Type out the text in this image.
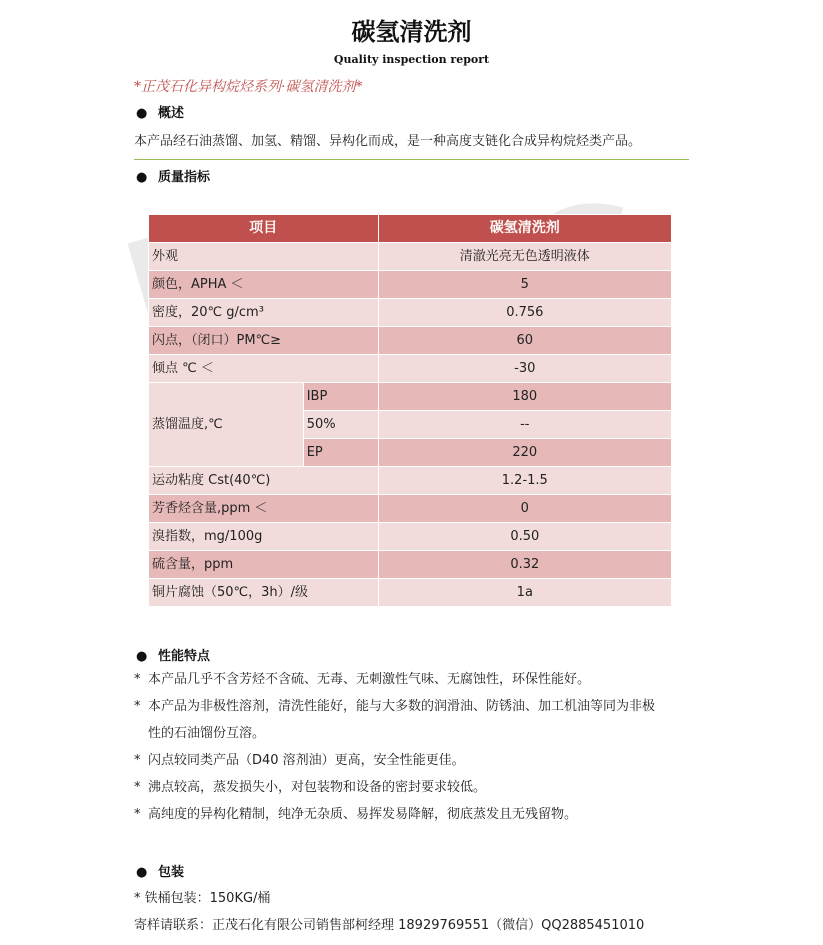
碳氢清洗剂
Quality inspection report
*正茂石化异构烷烃系列·碳氢清洗剂*
● 概述
本产品经石油蒸馏、加氢、精馏、异构化而成，是一种高度支链化合成异构烷烃类产品。
● 质量指标
项目		碳氢清洗剂
外观		清澈光亮无色透明液体
颜色，APHA ＜		5
密度，20℃ g/cm³		0.756
闪点，（闭口）PM℃≥		60
倾点 ℃ ＜		-30
蒸馏温度,℃	IBP	180
	50%	--
	EP	220
运动粘度 Cst(40℃)		1.2-1.5
芳香烃含量,ppm ＜		0
溴指数，mg/100g		0.50
硫含量，ppm		0.32
铜片腐蚀（50℃，3h）/级		1a
● 性能特点
* 本产品几乎不含芳烃不含硫、无毒、无刺激性气味、无腐蚀性，环保性能好。
* 本产品为非极性溶剂，清洗性能好，能与大多数的润滑油、防锈油、加工机油等同为非极
性的石油馏份互溶。
* 闪点较同类产品（D40 溶剂油）更高，安全性能更佳。
* 沸点较高，蒸发损失小，对包装物和设备的密封要求较低。
* 高纯度的异构化精制，纯净无杂质、易挥发易降解，彻底蒸发且无残留物。
● 包装
* 铁桶包装：150KG/桶
寄样请联系：正茂石化有限公司销售部柯经理 18929769551（微信）QQ2885451010
